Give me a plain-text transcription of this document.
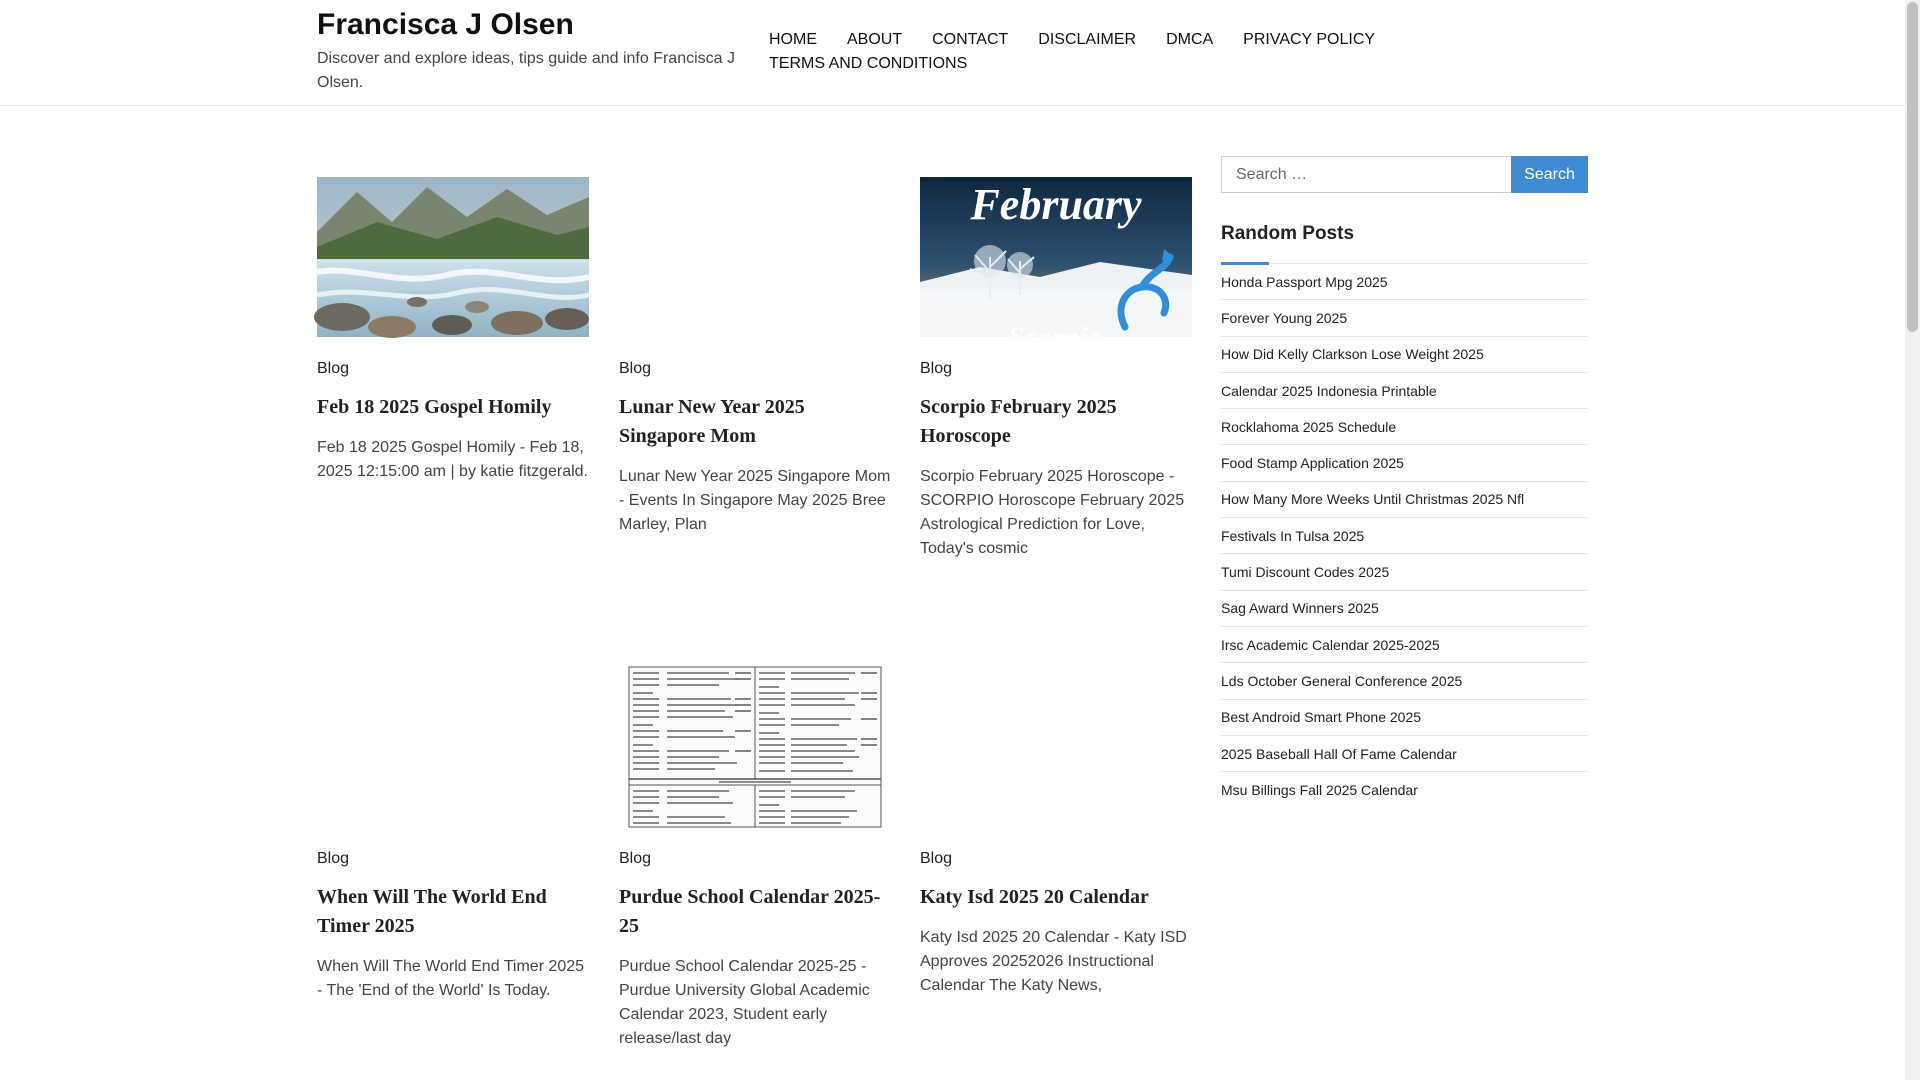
Francisca J Olsen

Discover and explore ideas, tips guide and info Francisca J Olsen.

HOME ABOUT CONTACT DISCLAIMER DMCA PRIVACY POLICY
TERMS AND CONDITIONS
Blog
Feb 18 2025 Gospel Homily

Feb 18 2025 Gospel Homily - Feb 18, 2025 12:15:00 am | by katie fitzgerald.

Blog
Lunar New Year 2025 Singapore Mom

Lunar New Year 2025 Singapore Mom - Events In Singapore May 2025 Bree Marley, Plan

February
Scorpio
Blog
Scorpio February 2025 Horoscope

Scorpio February 2025 Horoscope - SCORPIO Horoscope February 2025 Astrological Prediction for Love, Today's cosmic

Blog
When Will The World End Timer 2025

When Will The World End Timer 2025 - The 'End of the World' Is Today.

Blog
Purdue School Calendar 2025-25

Purdue School Calendar 2025-25 - Purdue University Global Academic Calendar 2023, Student early release/last day

Blog
Katy Isd 2025 20 Calendar

Katy Isd 2025 20 Calendar - Katy ISD Approves 20252026 Instructional Calendar The Katy News,

Search …
Search
Random Posts
Honda Passport Mpg 2025
Forever Young 2025
How Did Kelly Clarkson Lose Weight 2025
Calendar 2025 Indonesia Printable
Rocklahoma 2025 Schedule
Food Stamp Application 2025
How Many More Weeks Until Christmas 2025 Nfl
Festivals In Tulsa 2025
Tumi Discount Codes 2025
Sag Award Winners 2025
Irsc Academic Calendar 2025-2025
Lds October General Conference 2025
Best Android Smart Phone 2025
2025 Baseball Hall Of Fame Calendar
Msu Billings Fall 2025 Calendar
